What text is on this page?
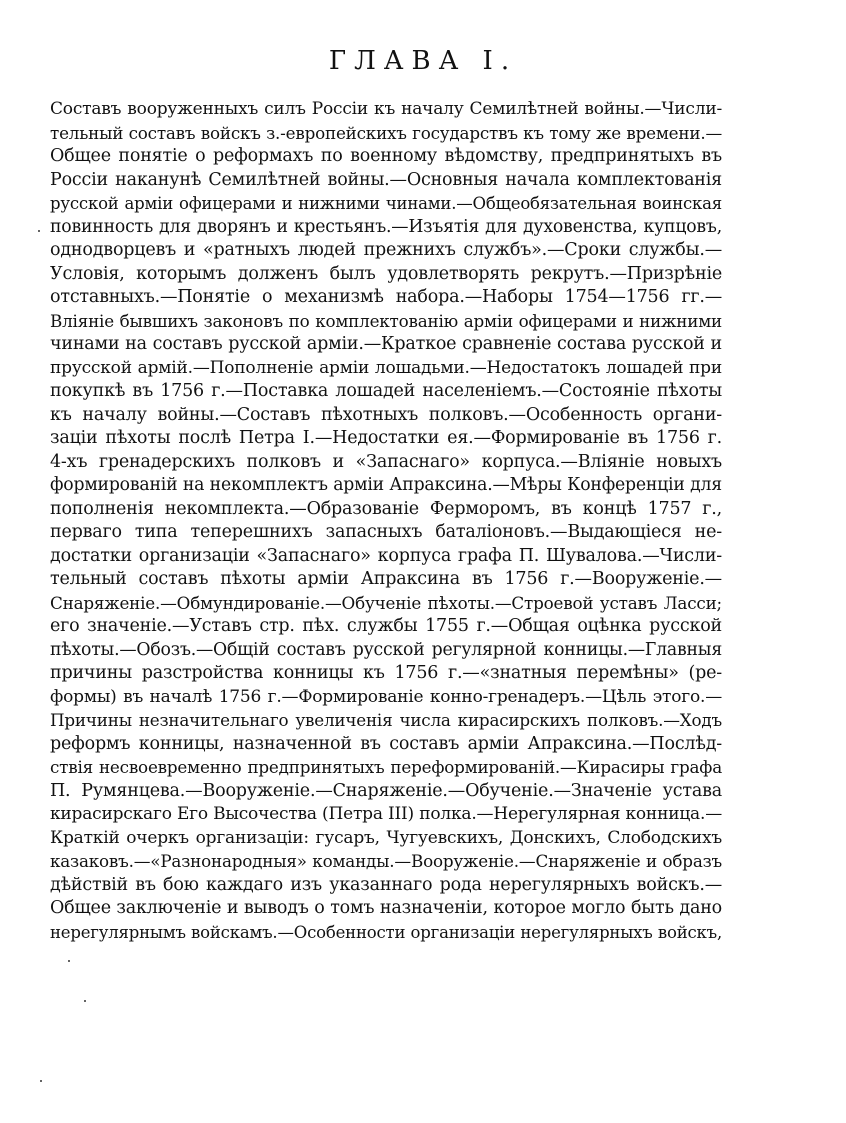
ГЛАВА I.
Составъ вооруженныхъ силъ Россiи къ началу Семилѣтней войны.—Числи-
тельный составъ войскъ з.-европейскихъ государствъ къ тому же времени.—
Общее понятiе о реформахъ по военному вѣдомству, предпринятыхъ въ
Россiи наканунѣ Семилѣтней войны.—Основныя начала комплектованiя
русской армiи офицерами и нижними чинами.—Общеобязательная воинская
повинность для дворянъ и крестьянъ.—Изъятiя для духовенства, купцовъ,
однодворцевъ и «ратныхъ людей прежнихъ службъ».—Сроки службы.—
Условiя, которымъ долженъ былъ удовлетворять рекрутъ.—Призрѣнiе
отставныхъ.—Понятiе о механизмѣ набора.—Наборы 1754—1756 гг.—
Влiянiе бывшихъ законовъ по комплектованiю армiи офицерами и нижними
чинами на составъ русской армiи.—Краткое сравненiе состава русской и
прусской армiй.—Пополненiе армiи лошадьми.—Недостатокъ лошадей при
покупкѣ въ 1756 г.—Поставка лошадей населенiемъ.—Состоянiе пѣхоты
къ началу войны.—Составъ пѣхотныхъ полковъ.—Особенность органи-
зацiи пѣхоты послѣ Петра I.—Недостатки ея.—Формированiе въ 1756 г.
4-хъ гренадерскихъ полковъ и «Запаснаго» корпуса.—Влiянiе новыхъ
формированiй на некомплектъ армiи Апраксина.—Мѣры Конференцiи для
пополненiя некомплекта.—Образованiе Ферморомъ, въ концѣ 1757 г.,
перваго типа теперешнихъ запасныхъ баталiоновъ.—Выдающiеся не-
достатки организацiи «Запаснаго» корпуса графа П. Шувалова.—Числи-
тельный составъ пѣхоты армiи Апраксина въ 1756 г.—Вооруженiе.—
Снаряженiе.—Обмундированiе.—Обученiе пѣхоты.—Строевой уставъ Ласси;
его значенiе.—Уставъ стр. пѣх. службы 1755 г.—Общая оцѣнка русской
пѣхоты.—Обозъ.—Общiй составъ русской регулярной конницы.—Главныя
причины разстройства конницы къ 1756 г.—«знатныя перемѣны» (ре-
формы) въ началѣ 1756 г.—Формированiе конно-гренадеръ.—Цѣль этого.—
Причины незначительнаго увеличенiя числа кирасирскихъ полковъ.—Ходъ
реформъ конницы, назначенной въ составъ армiи Апраксина.—Послѣд-
ствiя несвоевременно предпринятыхъ переформированiй.—Кирасиры графа
П. Румянцева.—Вооруженiе.—Снаряженiе.—Обученiе.—Значенiе устава
кирасирскаго Его Высочества (Петра III) полка.—Нерегулярная конница.—
Краткiй очеркъ организацiи: гусаръ, Чугуевскихъ, Донскихъ, Слободскихъ
казаковъ.—«Разнонародныя» команды.—Вооруженiе.—Снаряженiе и образъ
дѣйствiй въ бою каждаго изъ указаннаго рода нерегулярныхъ войскъ.—
Общее заключенiе и выводъ о томъ назначенiи, которое могло быть дано
нерегулярнымъ войскамъ.—Особенности организацiи нерегулярныхъ войскъ,
